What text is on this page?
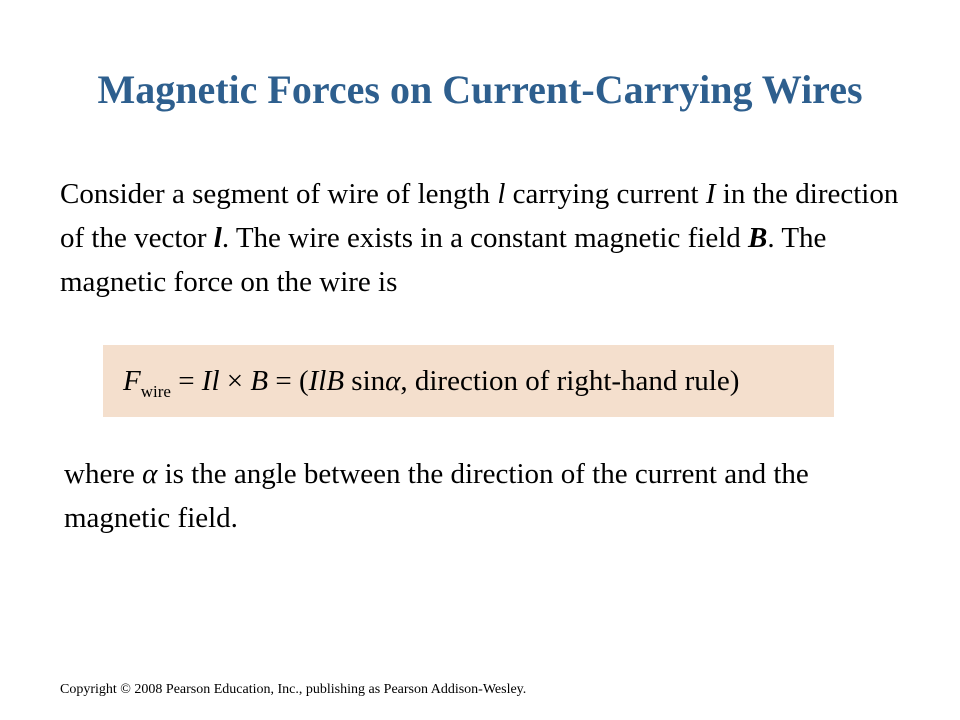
Magnetic Forces on Current-Carrying Wires
Consider a segment of wire of length l carrying current I in the direction of the vector l. The wire exists in a constant magnetic field B. The magnetic force on the wire is
$F_{wire} = Il \times B = (IlB$ sinα, direction of right-hand rule)
where α is the angle between the direction of the current and the magnetic field.
Copyright © 2008 Pearson Education, Inc., publishing as Pearson Addison-Wesley.
